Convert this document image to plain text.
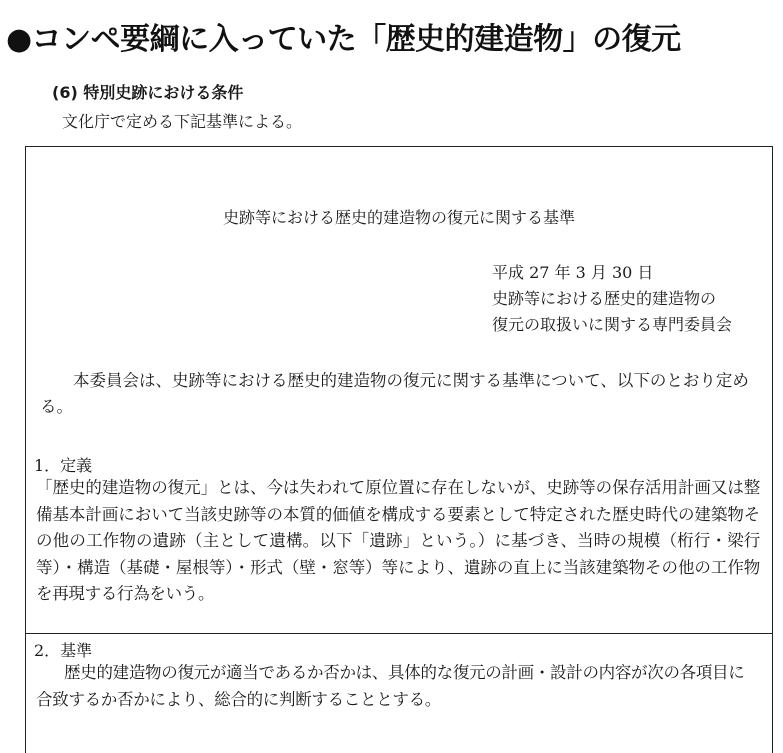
●コンペ要綱に入っていた「歴史的建造物」の復元
(6) 特別史跡における条件
文化庁で定める下記基準による。
史跡等における歴史的建造物の復元に関する基準
平成 27 年 3 月 30 日
史跡等における歴史的建造物の
復元の取扱いに関する専門委員会
本委員会は、史跡等における歴史的建造物の復元に関する基準について、以下のとおり定める。
1．定義
「歴史的建造物の復元」とは、今は失われて原位置に存在しないが、史跡等の保存活用計画又は整備基本計画において当該史跡等の本質的価値を構成する要素として特定された歴史時代の建築物その他の工作物の遺跡（主として遺構。以下「遺跡」という。）に基づき、当時の規模（桁行・梁行等）・構造（基礎・屋根等）・形式（壁・窓等）等により、遺跡の直上に当該建築物その他の工作物を再現する行為をいう。
2．基準
歴史的建造物の復元が適当であるか否かは、具体的な復元の計画・設計の内容が次の各項目に合致するか否かにより、総合的に判断することとする。
